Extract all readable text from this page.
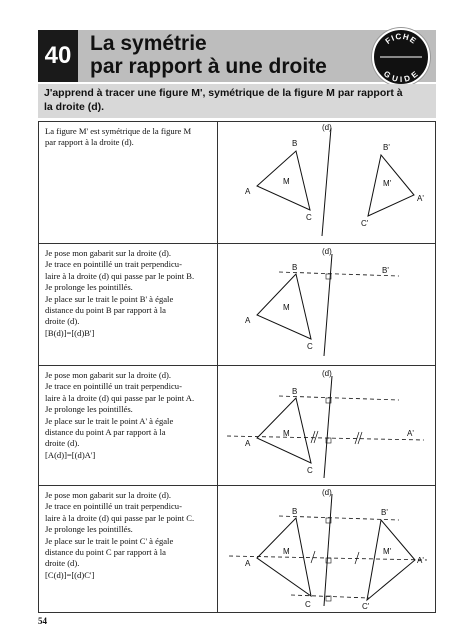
40 La symétrie
par rapport à une droite
FICHE
GUIDE
J'apprend à tracer une figure M', symétrique de la figure M par rapport à la droite (d).
La figure M' est symétrique de la figure M
par rapport à la droite (d).
(d)
A
B
C
M
B'
A'
C'
M'
Je pose mon gabarit sur la droite (d).
Je trace en pointillé un trait perpendicu-
laire à la droite (d) qui passe par le point B.
Je prolonge les pointillés.
Je place sur le trait le point B' à égale
distance du point B par rapport à la
droite (d).
[B(d)]=[(d)B']
(d)
A
B
C
M
B'
Je pose mon gabarit sur la droite (d).
Je trace en pointillé un trait perpendicu-
laire à la droite (d) qui passe par le point A.
Je prolonge les pointillés.
Je place sur le trait le point A' à égale
distance du point A par rapport à la
droite (d).
[A(d)]=[(d)A']
(d)
A
B
C
M	A'
Je pose mon gabarit sur la droite (d).
Je trace en pointillé un trait perpendicu-
laire à la droite (d) qui passe par le point C.
Je prolonge les pointillés.
Je place sur le trait le point C' à égale
distance du point C par rapport à la
droite (d).
[C(d)]=[(d)C']
(d)
A
B
C
M
B'
A'
C'
M'
54
